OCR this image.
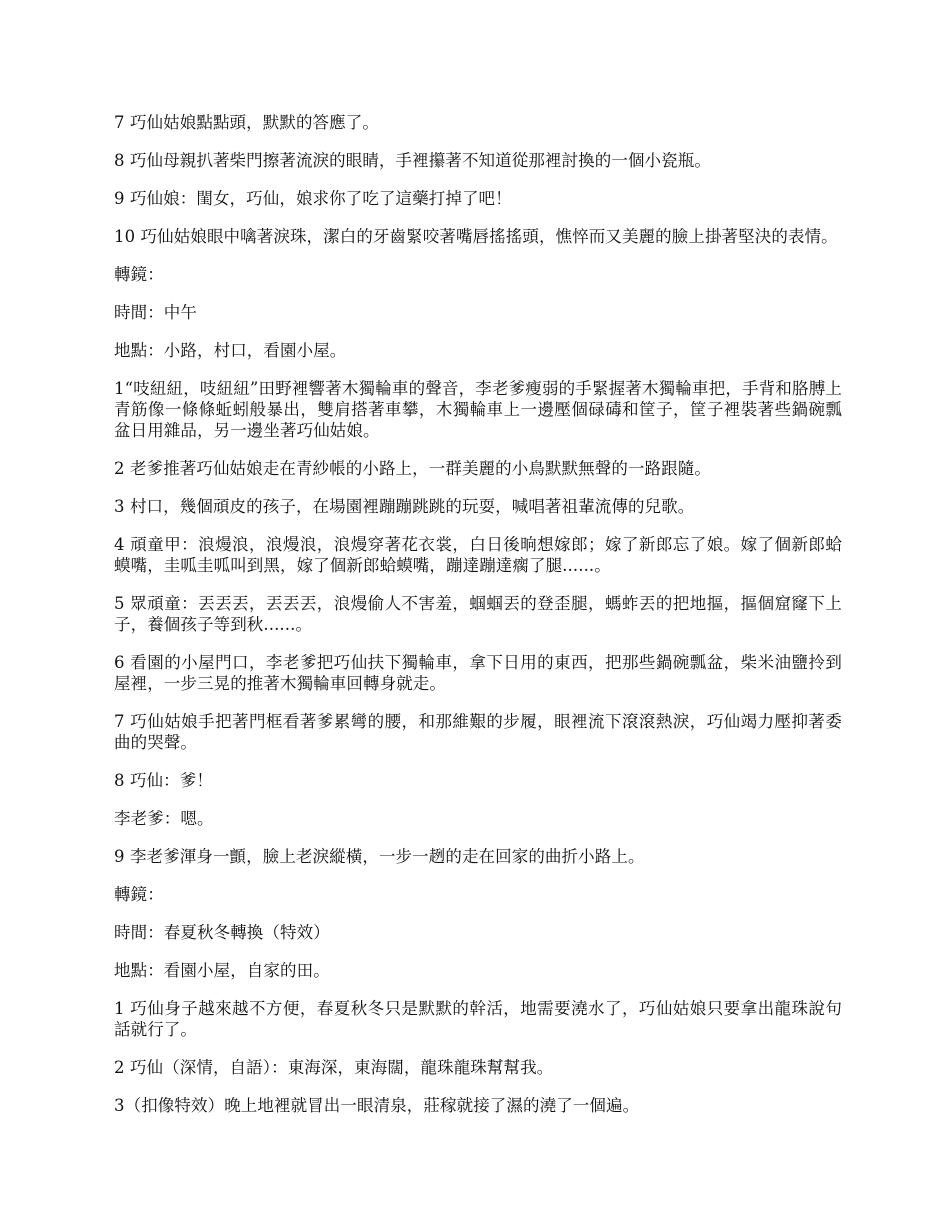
7 巧仙姑娘點點頭，默默的答應了。

8 巧仙母親扒著柴門擦著流淚的眼睛，手裡攥著不知道從那裡討換的一個小瓷瓶。

9 巧仙娘：閨女，巧仙，娘求你了吃了這藥打掉了吧！

10 巧仙姑娘眼中噙著淚珠，潔白的牙齒緊咬著嘴唇搖搖頭，憔悴而又美麗的臉上掛著堅決的表情。

轉鏡：

時間：中午

地點：小路，村口，看園小屋。

1“吱紐紐，吱紐紐”田野裡響著木獨輪車的聲音，李老爹瘦弱的手緊握著木獨輪車把，手背和胳膊上青筋像一條條蚯蚓般暴出，雙肩搭著車攀，木獨輪車上一邊壓個碌碡和筐子，筐子裡裝著些鍋碗瓢盆日用雜品，另一邊坐著巧仙姑娘。

2 老爹推著巧仙姑娘走在青紗帳的小路上，一群美麗的小鳥默默無聲的一路跟隨。

3 村口，幾個頑皮的孩子，在場園裡蹦蹦跳跳的玩耍，喊唱著祖輩流傳的兒歌。

4 頑童甲：浪熳浪，浪熳浪，浪熳穿著花衣裳，白日後晌想嫁郎；嫁了新郎忘了娘。嫁了個新郎蛤蟆嘴，圭呱圭呱叫到黑，嫁了個新郎蛤蟆嘴，蹦達蹦達瘸了腿......。

5 眾頑童：丟丟丟，丟丟丟，浪熳偷人不害羞，蝈蝈丟的登歪腿，螞蚱丟的把地摳，摳個窟窿下上子，養個孩子等到秋......。

6 看園的小屋門口，李老爹把巧仙扶下獨輪車，拿下日用的東西，把那些鍋碗瓢盆，柴米油鹽拎到屋裡，一步三晃的推著木獨輪車回轉身就走。

7 巧仙姑娘手把著門框看著爹累彎的腰，和那維艱的步履，眼裡流下滾滾熱淚，巧仙竭力壓抑著委曲的哭聲。

8 巧仙：爹！

李老爹：嗯。

9 李老爹渾身一顫，臉上老淚縱橫，一步一趔的走在回家的曲折小路上。

轉鏡：

時間：春夏秋冬轉換（特效）

地點：看園小屋，自家的田。

1 巧仙身子越來越不方便，春夏秋冬只是默默的幹活，地需要澆水了，巧仙姑娘只要拿出龍珠說句話就行了。

2 巧仙（深情，自語）：東海深，東海闊，龍珠龍珠幫幫我。

3（扣像特效）晚上地裡就冒出一眼清泉，莊稼就接了濕的澆了一個遍。
